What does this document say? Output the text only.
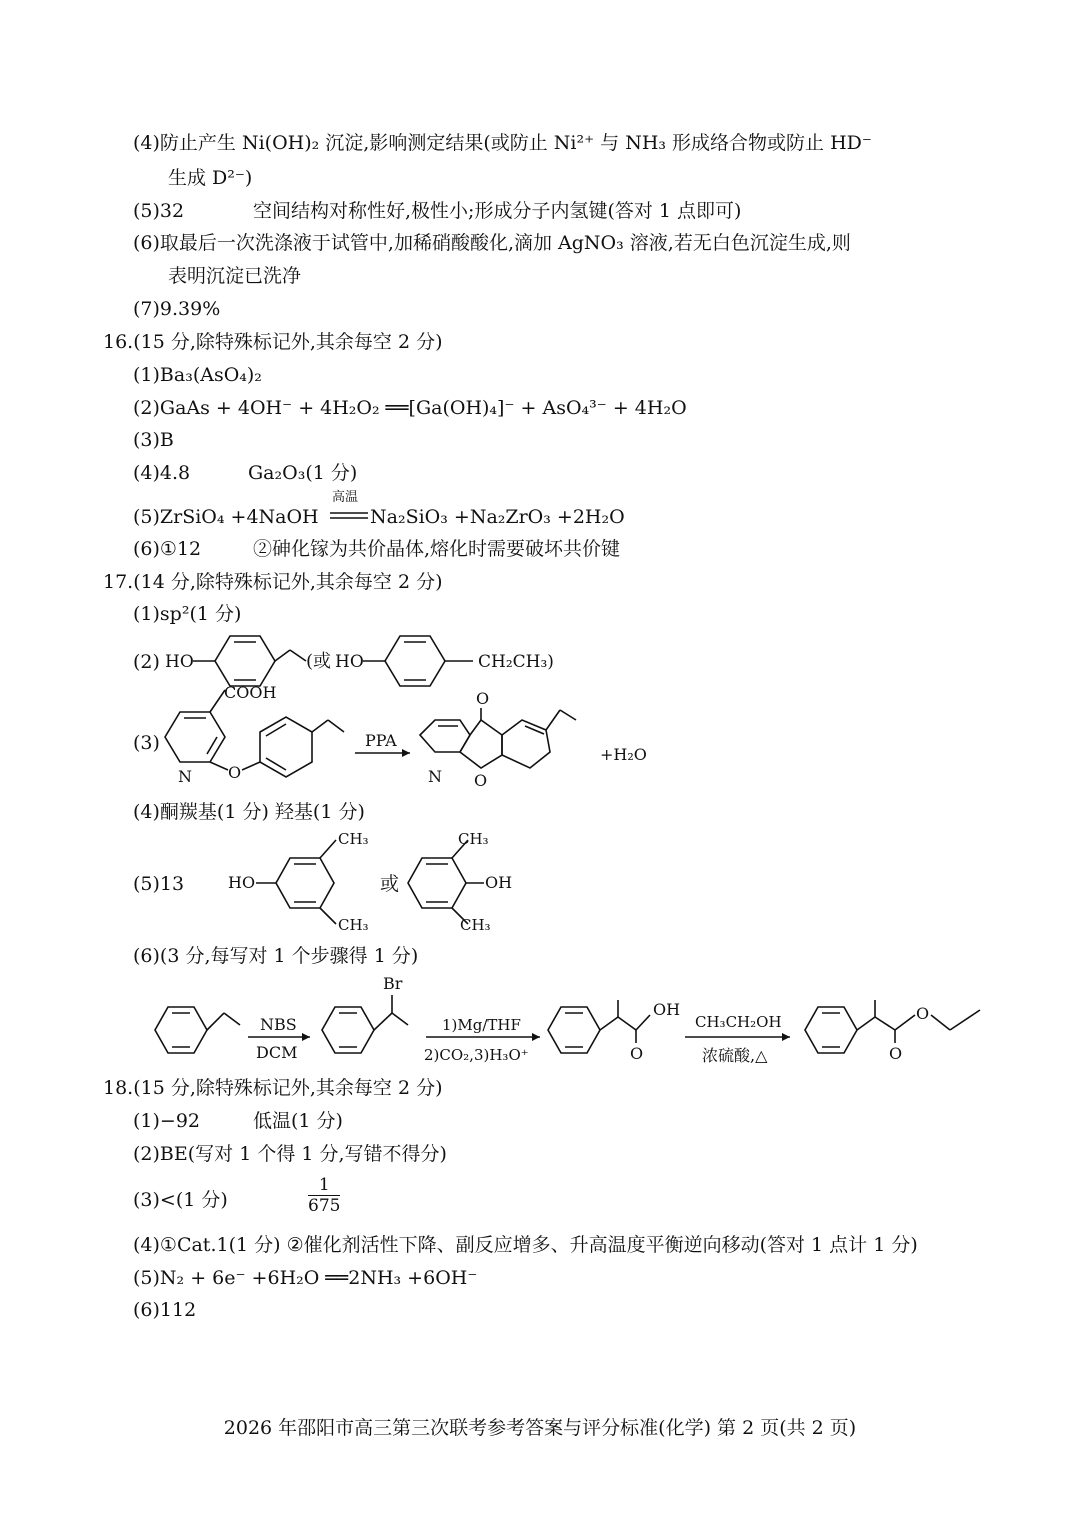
(4)防止产生 Ni(OH)₂ 沉淀,影响测定结果(或防止 Ni²⁺ 与 NH₃ 形成络合物或防止 HD⁻
生成 D²⁻)
(5)32	空间结构对称性好,极性小;形成分子内氢键(答对 1 点即可)
(6)取最后一次洗涤液于试管中,加稀硝酸酸化,滴加 AgNO₃ 溶液,若无白色沉淀生成,则
表明沉淀已洗净
(7)9.39%
16.(15 分,除特殊标记外,其余每空 2 分)
(1)Ba₃(AsO₄)₂
(2)GaAs + 4OH⁻ + 4H₂O₂ ══[Ga(OH)₄]⁻ + AsO₄³⁻ + 4H₂O
(3)B
(4)4.8	Ga₂O₃(1 分)
(5)ZrSiO₄ +4NaOH
高温
Na₂SiO₃ +Na₂ZrO₃ +2H₂O
(6)①12	②砷化镓为共价晶体,熔化时需要破坏共价键
17.(14 分,除特殊标记外,其余每空 2 分)
(1)sp²(1 分)
(2) HO	(或 HO	CH₂CH₃)
(3)
N
COOH
O
PPA
O
N O
+H₂O
(4)酮羰基(1 分) 羟基(1 分)
(5)13	HO
CH₃
CH₃
或
CH₃
OH
CH₃
(6)(3 分,每写对 1 个步骤得 1 分)
NBS
DCM
Br
1)Mg/THF
2)CO₂,3)H₃O⁺
OH
O
CH₃CH₂OH
浓硫酸,△	O
O
18.(15 分,除特殊标记外,其余每空 2 分)
(1)−92	低温(1 分)
(2)BE(写对 1 个得 1 分,写错不得分)
(3)<(1 分)	$\frac{1}{675}$
(4)①Cat.1(1 分) ②催化剂活性下降、副反应增多、升高温度平衡逆向移动(答对 1 点计 1 分)
(5)N₂ + 6e⁻ +6H₂O ══2NH₃ +6OH⁻
(6)112
2026 年邵阳市高三第三次联考参考答案与评分标准(化学) 第 2 页(共 2 页)
